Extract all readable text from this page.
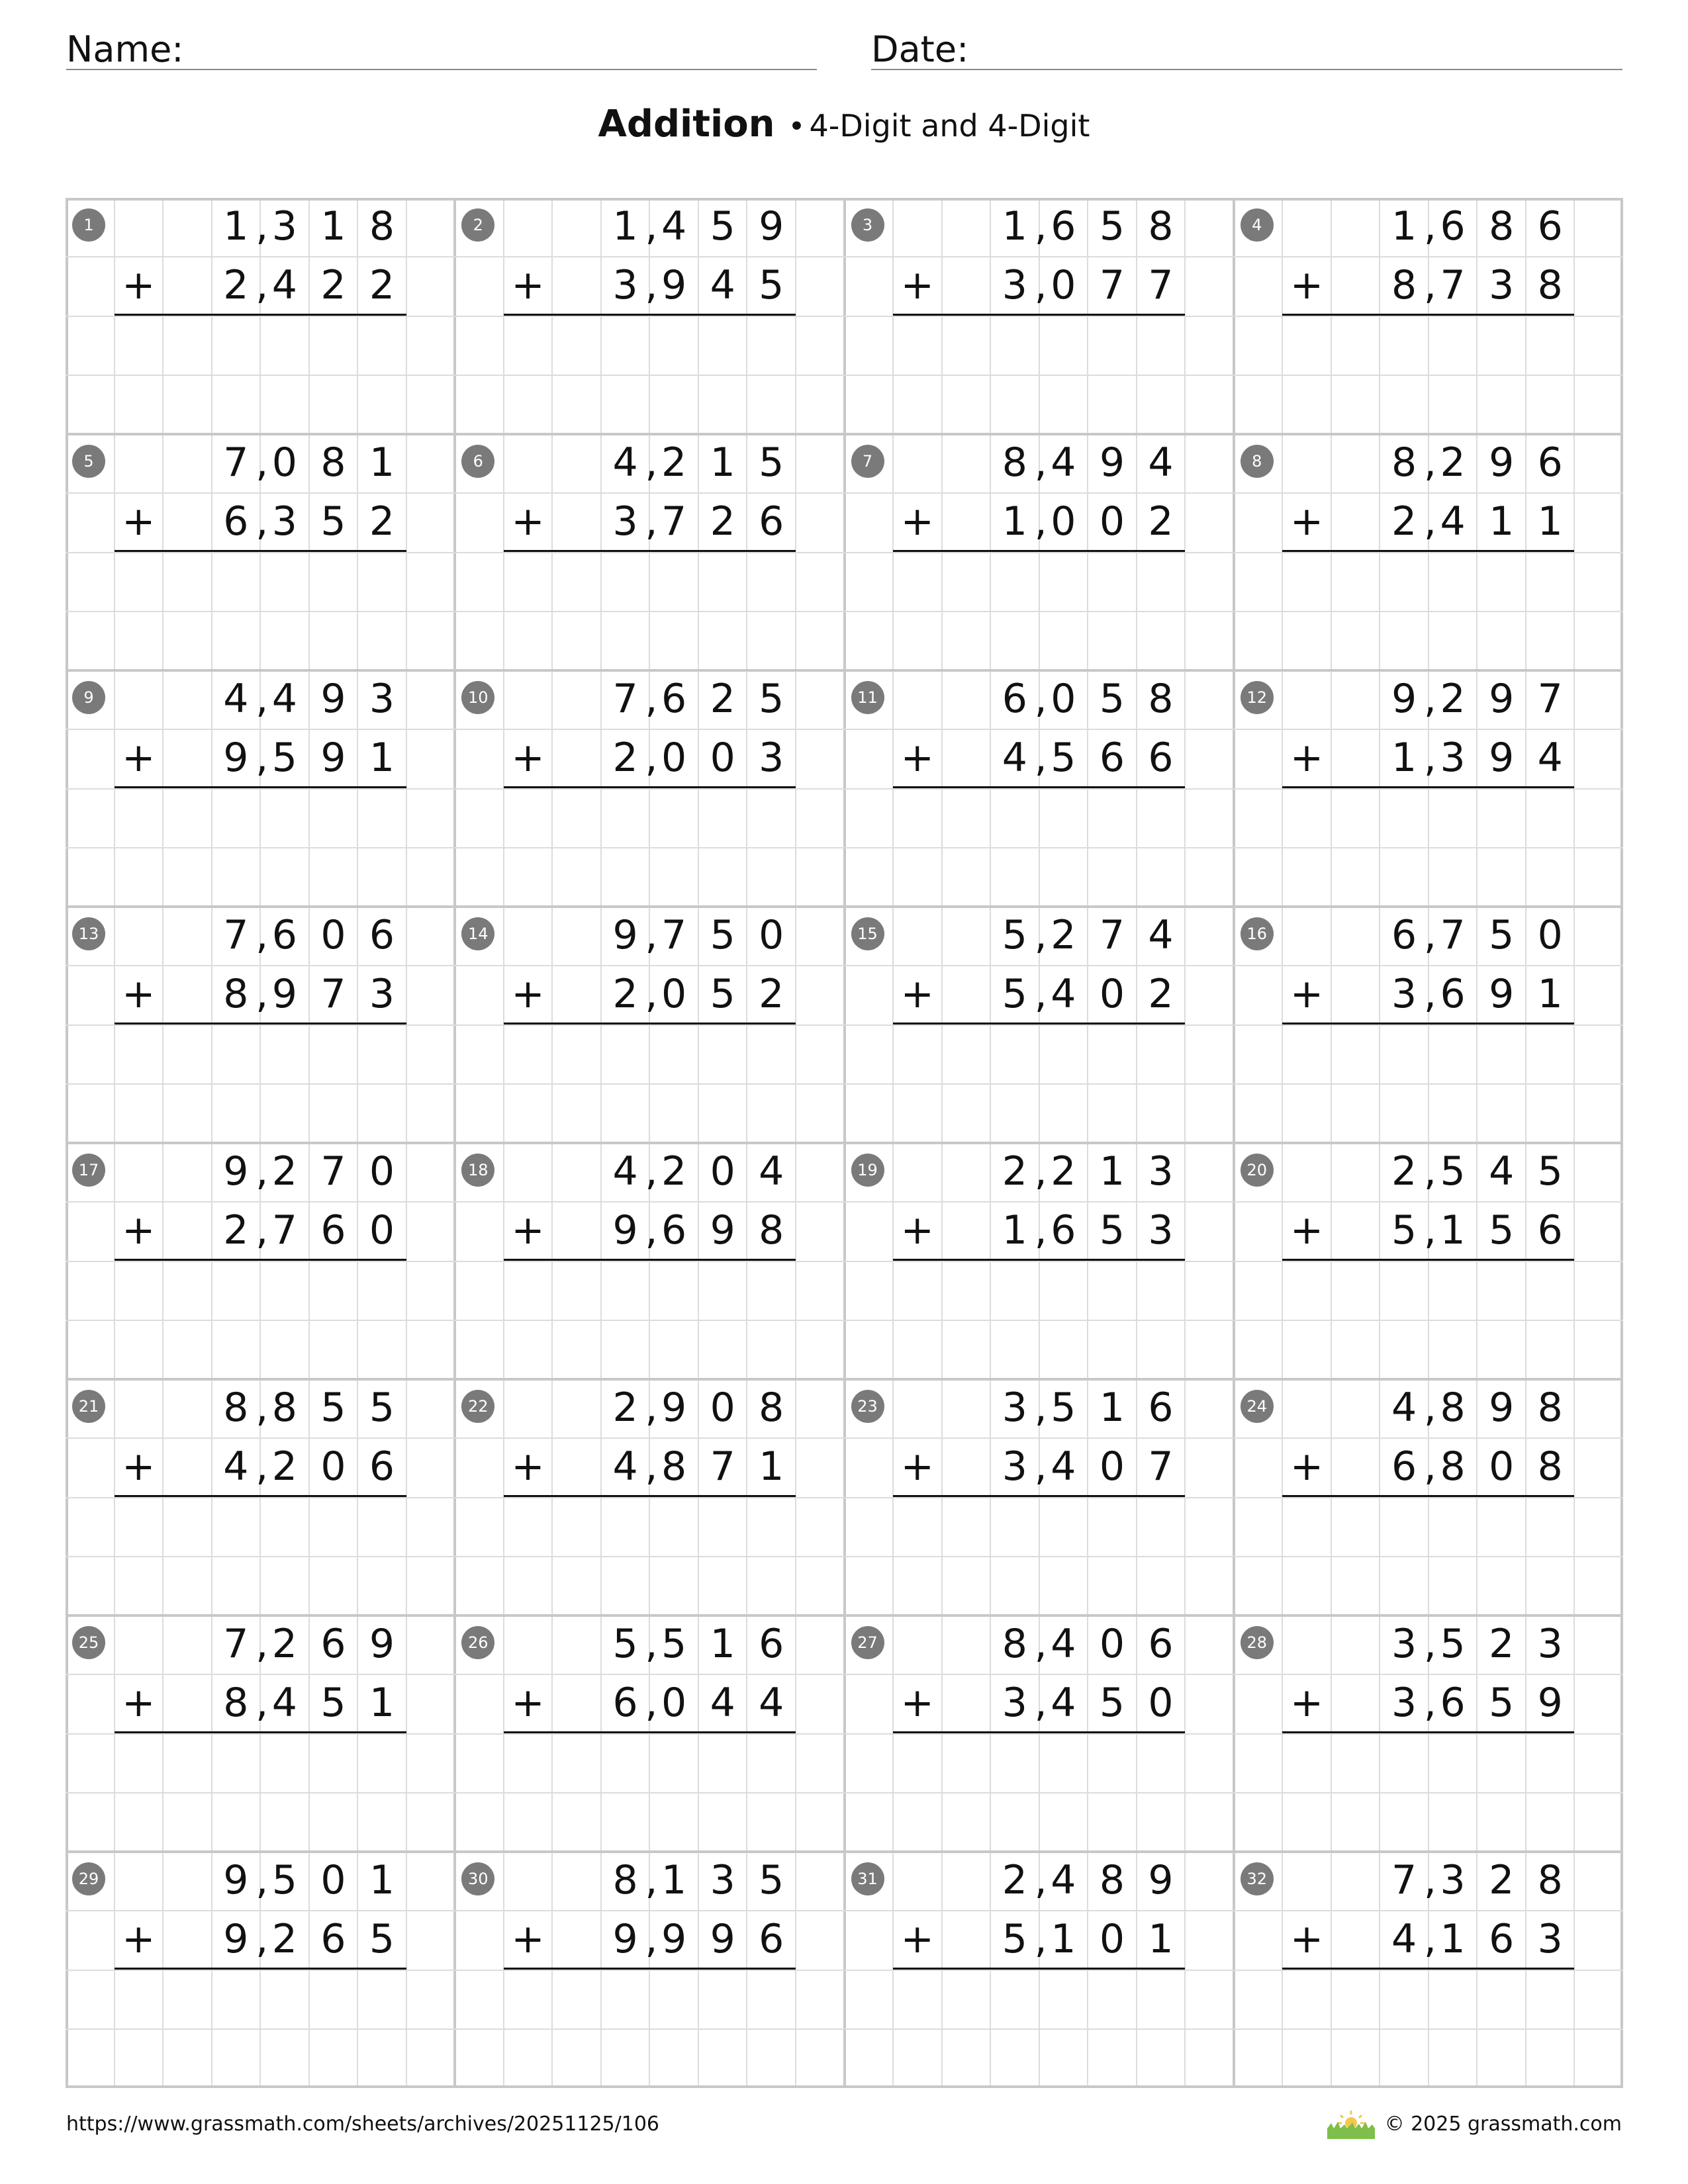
Name:	Date:
Addition • 4-Digit and 4-Digit
1	1 3 1 8
,
2 4 2 2
,
+
2	1 4 5 9
,
3 9 4 5
,
+
3	1 6 5 8
,
3 0 7 7
,
+
4	1 6 8 6
,
8 7 3 8
,
+
5	7 0 8 1
,
6 3 5 2
,
+
6	4 2 1 5
,
3 7 2 6
,
+
7	8 4 9 4
,
1 0 0 2
,
+
8	8 2 9 6
,
2 4 1 1
,
+
9	4 4 9 3
,
9 5 9 1
,
+
10	7 6 2 5
,
2 0 0 3
,
+
11	6 0 5 8
,
4 5 6 6
,
+
12	9 2 9 7
,
1 3 9 4
,
+
13	7 6 0 6
,
8 9 7 3
,
+
14	9 7 5 0
,
2 0 5 2
,
+
15	5 2 7 4
,
5 4 0 2
,
+
16	6 7 5 0
,
3 6 9 1
,
+
17	9 2 7 0
,
2 7 6 0
,
+
18	4 2 0 4
,
9 6 9 8
,
+
19	2 2 1 3
,
1 6 5 3
,
+
20	2 5 4 5
,
5 1 5 6
,
+
21	8 8 5 5
,
4 2 0 6
,
+
22	2 9 0 8
,
4 8 7 1
,
+
23	3 5 1 6
,
3 4 0 7
,
+
24	4 8 9 8
,
6 8 0 8
,
+
25	7 2 6 9
,
8 4 5 1
,
+
26	5 5 1 6
,
6 0 4 4
,
+
27	8 4 0 6
,
3 4 5 0
,
+
28	3 5 2 3
,
3 6 5 9
,
+
29	9 5 0 1
,
9 2 6 5
,
+
30	8 1 3 5
,
9 9 9 6
,
+
31	2 4 8 9
,
5 1 0 1
,
+
32	7 3 2 8
,
4 1 6 3
,
+
https://www.grassmath.com/sheets/archives/20251125/106	© 2025 grassmath.com
